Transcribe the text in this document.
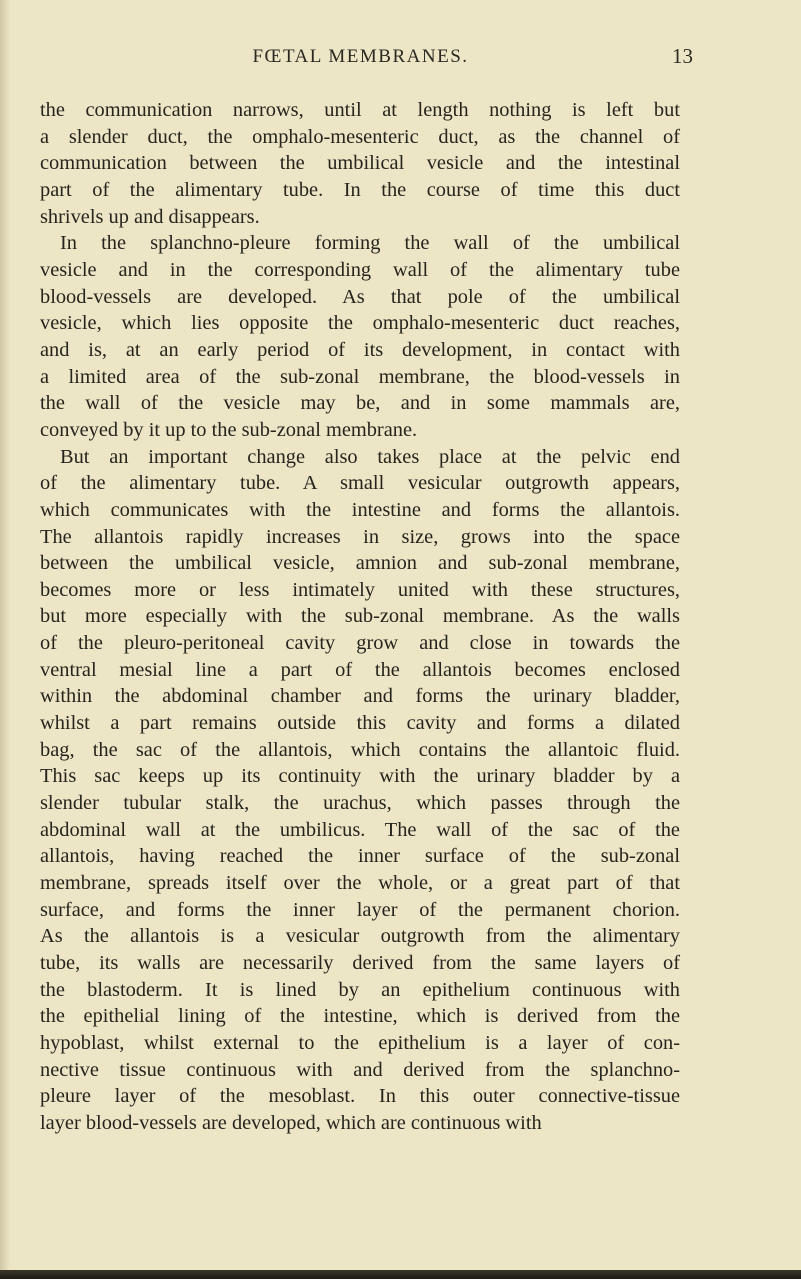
FŒTAL MEMBRANES.	13
the communication narrows, until at length nothing is left but
a slender duct, the omphalo-mesenteric duct, as the channel of
communication between the umbilical vesicle and the intestinal
part of the alimentary tube. In the course of time this duct
shrivels up and disappears.
In the splanchno-pleure forming the wall of the umbilical
vesicle and in the corresponding wall of the alimentary tube
blood-vessels are developed. As that pole of the umbilical
vesicle, which lies opposite the omphalo-mesenteric duct reaches,
and is, at an early period of its development, in contact with
a limited area of the sub-zonal membrane, the blood-vessels in
the wall of the vesicle may be, and in some mammals are,
conveyed by it up to the sub-zonal membrane.
But an important change also takes place at the pelvic end
of the alimentary tube. A small vesicular outgrowth appears,
which communicates with the intestine and forms the allantois.
The allantois rapidly increases in size, grows into the space
between the umbilical vesicle, amnion and sub-zonal membrane,
becomes more or less intimately united with these structures,
but more especially with the sub-zonal membrane. As the walls
of the pleuro-peritoneal cavity grow and close in towards the
ventral mesial line a part of the allantois becomes enclosed
within the abdominal chamber and forms the urinary bladder,
whilst a part remains outside this cavity and forms a dilated
bag, the sac of the allantois, which contains the allantoic fluid.
This sac keeps up its continuity with the urinary bladder by a
slender tubular stalk, the urachus, which passes through the
abdominal wall at the umbilicus. The wall of the sac of the
allantois, having reached the inner surface of the sub-zonal
membrane, spreads itself over the whole, or a great part of that
surface, and forms the inner layer of the permanent chorion.
As the allantois is a vesicular outgrowth from the alimentary
tube, its walls are necessarily derived from the same layers of
the blastoderm. It is lined by an epithelium continuous with
the epithelial lining of the intestine, which is derived from the
hypoblast, whilst external to the epithelium is a layer of con-
nective tissue continuous with and derived from the splanchno-
pleure layer of the mesoblast. In this outer connective-tissue
layer blood-vessels are developed, which are continuous with
